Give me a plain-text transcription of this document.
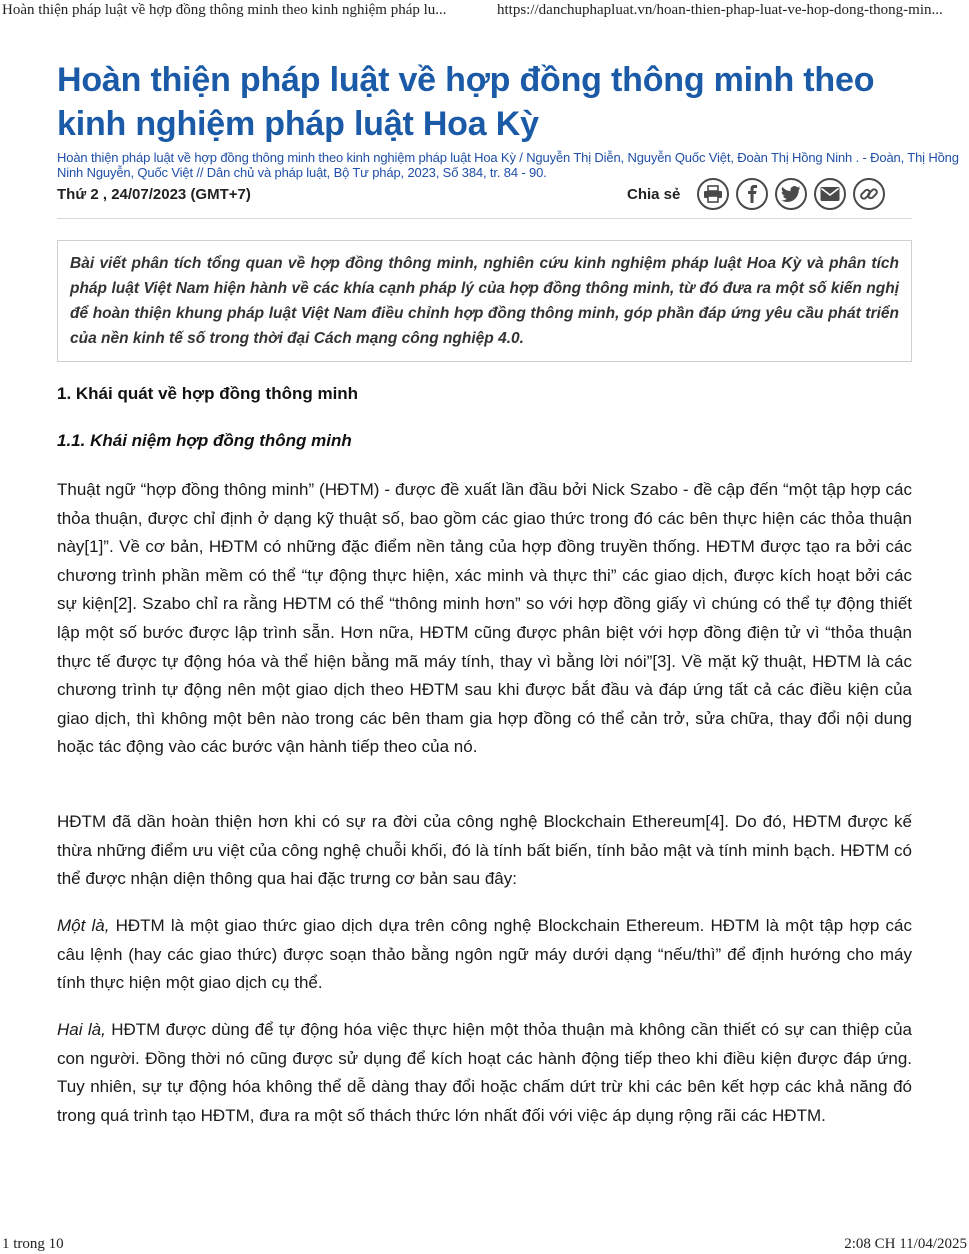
Hoàn thiện pháp luật về hợp đồng thông minh theo kinh nghiệm pháp lu...	https://danchuphapluat.vn/hoan-thien-phap-luat-ve-hop-dong-thong-min...
Hoàn thiện pháp luật về hợp đồng thông minh theo kinh nghiệm pháp luật Hoa Kỳ

Hoàn thiện pháp luật về hợp đồng thông minh theo kinh nghiệm pháp luật Hoa Kỳ / Nguyễn Thị Diễn, Nguyễn Quốc Việt, Đoàn Thị Hồng Ninh . - Đoàn, Thị Hồng Ninh Nguyễn, Quốc Việt // Dân chủ và pháp luật, Bộ Tư pháp, 2023, Số 384, tr. 84 - 90.

Thứ 2 , 24/07/2023 (GMT+7)	Chia sẻ

Bài viết phân tích tổng quan về hợp đồng thông minh, nghiên cứu kinh nghiệm pháp luật Hoa Kỳ và phân tích pháp luật Việt Nam hiện hành về các khía cạnh pháp lý của hợp đồng thông minh, từ đó đưa ra một số kiến nghị để hoàn thiện khung pháp luật Việt Nam điều chỉnh hợp đồng thông minh, góp phần đáp ứng yêu cầu phát triển của nền kinh tế số trong thời đại Cách mạng công nghiệp 4.0.

1. Khái quát về hợp đồng thông minh
1.1. Khái niệm hợp đồng thông minh

Thuật ngữ “hợp đồng thông minh” (HĐTM) - được đề xuất lần đầu bởi Nick Szabo - đề cập đến “một tập hợp các thỏa thuận, được chỉ định ở dạng kỹ thuật số, bao gồm các giao thức trong đó các bên thực hiện các thỏa thuận này[1]”. Về cơ bản, HĐTM có những đặc điểm nền tảng của hợp đồng truyền thống. HĐTM được tạo ra bởi các chương trình phần mềm có thể “tự động thực hiện, xác minh và thực thi” các giao dịch, được kích hoạt bởi các sự kiện[2]. Szabo chỉ ra rằng HĐTM có thể “thông minh hơn” so với hợp đồng giấy vì chúng có thể tự động thiết lập một số bước được lập trình sẵn. Hơn nữa, HĐTM cũng được phân biệt với hợp đồng điện tử vì “thỏa thuận thực tế được tự động hóa và thể hiện bằng mã máy tính, thay vì bằng lời nói”[3]. Về mặt kỹ thuật, HĐTM là các chương trình tự động nên một giao dịch theo HĐTM sau khi được bắt đầu và đáp ứng tất cả các điều kiện của giao dịch, thì không một bên nào trong các bên tham gia hợp đồng có thể cản trở, sửa chữa, thay đổi nội dung hoặc tác động vào các bước vận hành tiếp theo của nó.

HĐTM đã dần hoàn thiện hơn khi có sự ra đời của công nghệ Blockchain Ethereum[4]. Do đó, HĐTM được kế thừa những điểm ưu việt của công nghệ chuỗi khối, đó là tính bất biến, tính bảo mật và tính minh bạch. HĐTM có thể được nhận diện thông qua hai đặc trưng cơ bản sau đây:

Một là, HĐTM là một giao thức giao dịch dựa trên công nghệ Blockchain Ethereum. HĐTM là một tập hợp các câu lệnh (hay các giao thức) được soạn thảo bằng ngôn ngữ máy dưới dạng “nếu/thì” để định hướng cho máy tính thực hiện một giao dịch cụ thể.

Hai là, HĐTM được dùng để tự động hóa việc thực hiện một thỏa thuận mà không cần thiết có sự can thiệp của con người. Đồng thời nó cũng được sử dụng để kích hoạt các hành động tiếp theo khi điều kiện được đáp ứng. Tuy nhiên, sự tự động hóa không thể dễ dàng thay đổi hoặc chấm dứt trừ khi các bên kết hợp các khả năng đó trong quá trình tạo HĐTM, đưa ra một số thách thức lớn nhất đối với việc áp dụng rộng rãi các HĐTM.

1 trong 10	2:08 CH 11/04/2025
